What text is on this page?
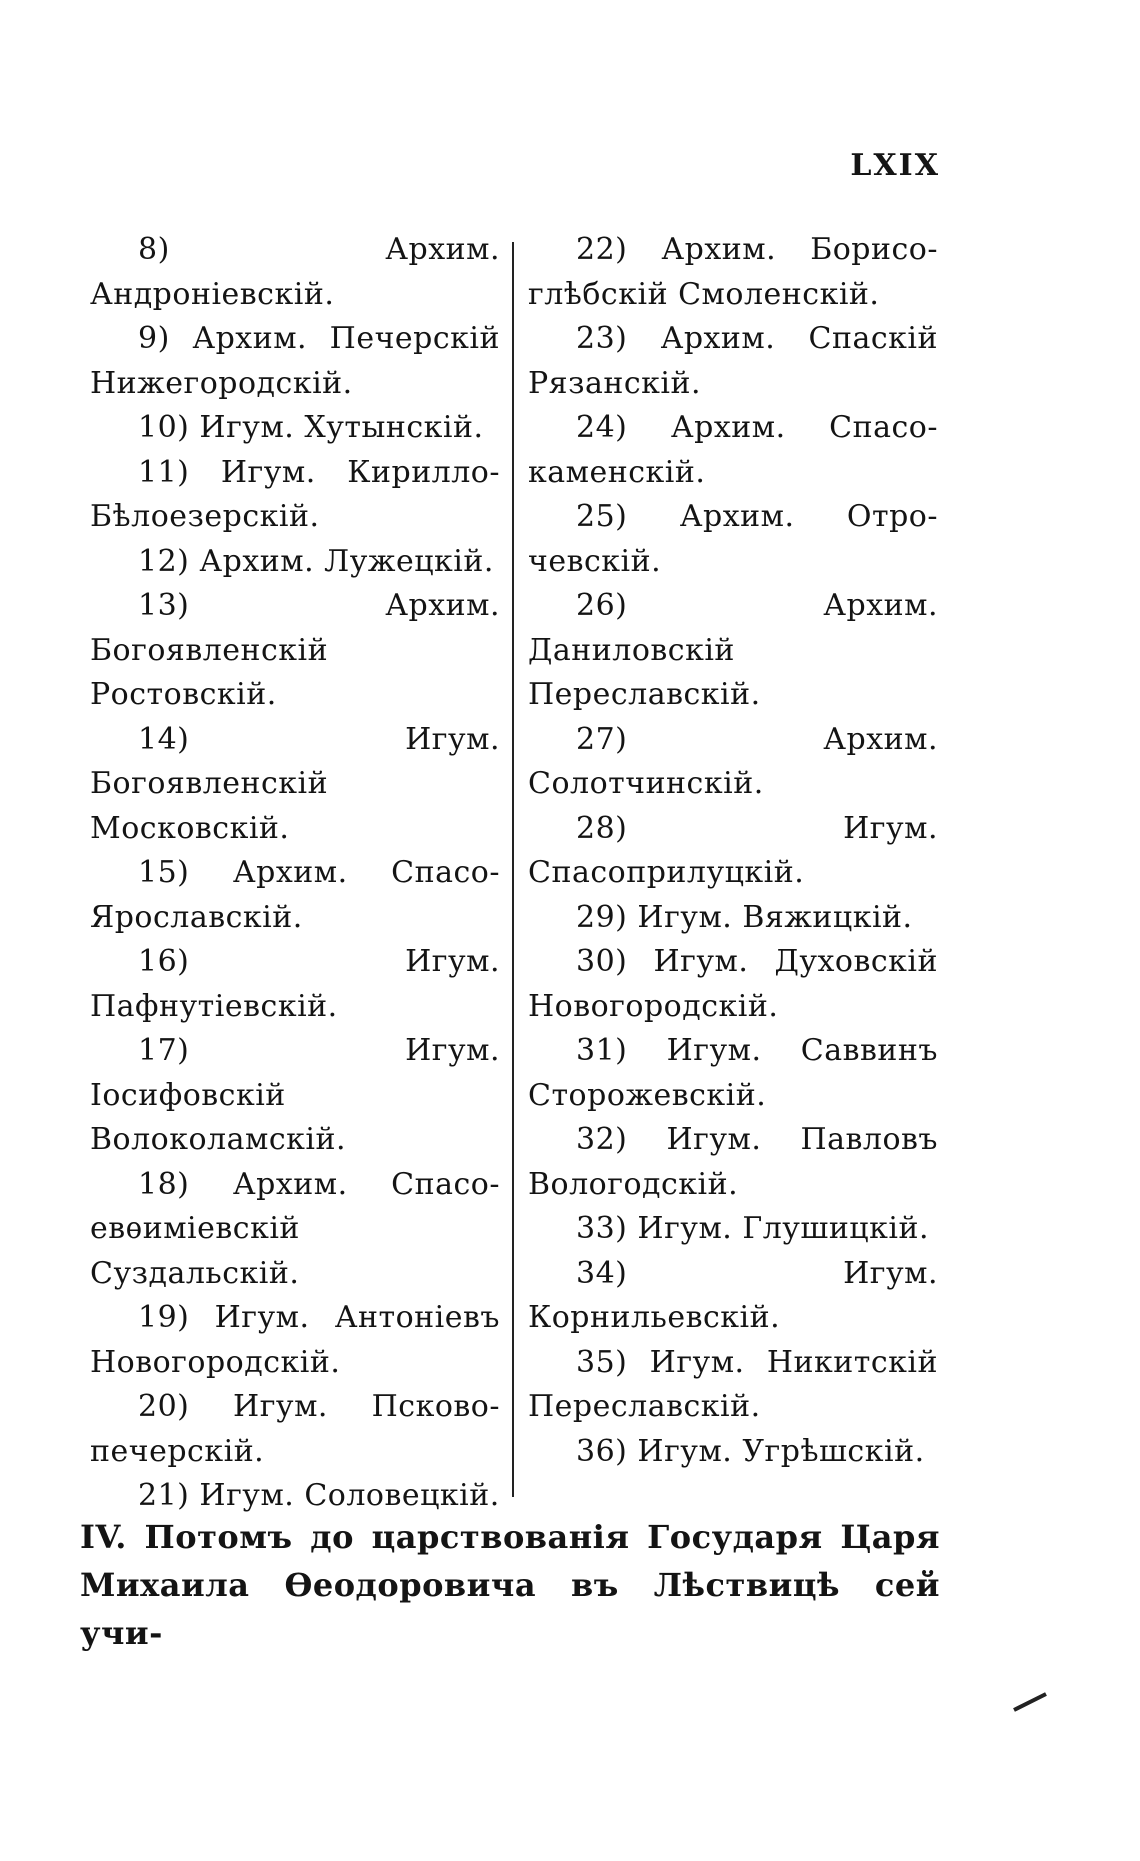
LXIX
8) Архим. Андроніевскій.
9) Архим. Печерскій Нижегородскій.
10) Игум. Хутынскій.
11) Игум. Кирилло-Бѣлоезерскій.
12) Архим. Лужецкій.
13) Архим. Богоявленскій Ростовскій.
14) Игум. Богоявленскій Московскій.
15) Архим. Спасо-Ярославскій.
16) Игум. Пафнутіевскій.
17) Игум. Іосифовскій Волоколамскій.
18) Архим. Спасо-евѳиміевскій Суздальскій.
19) Игум. Антоніевъ Новогородскій.
20) Игум. Псково-печерскій.
21) Игум. Соловецкій.
22) Архим. Борисо-глѣбскій Смоленскій.
23) Архим. Спаскій Рязанскій.
24) Архим. Спасо-каменскій.
25) Архим. Отро-чевскій.
26) Архим. Даниловскій Переславскій.
27) Архим. Солотчинскій.
28) Игум. Спасоприлуцкій.
29) Игум. Вяжицкій.
30) Игум. Духовскій Новогородскій.
31) Игум. Саввинъ Сторожевскій.
32) Игум. Павловъ Вологодскій.
33) Игум. Глушицкій.
34) Игум. Корнильевскій.
35) Игум. Никитскій Переславскій.
36) Игум. Угрѣшскій.
IV. Потомъ до царствованія Государя Царя
Михаила Ѳеодоровича въ Лѣствицѣ сей учи-
